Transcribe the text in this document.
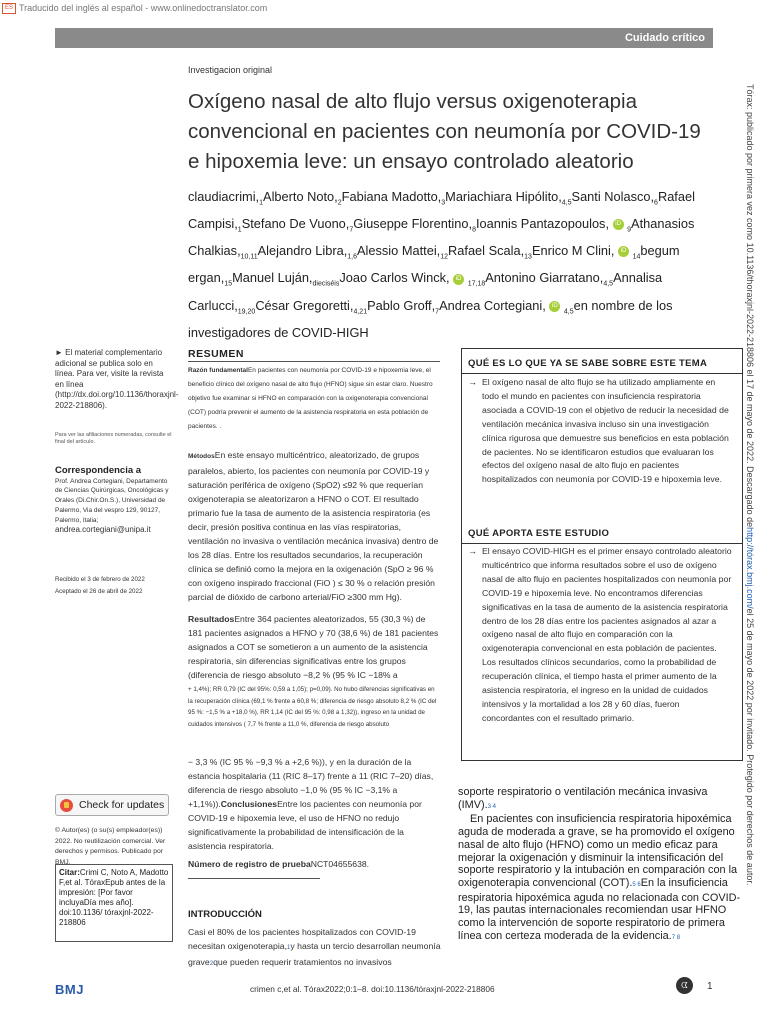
ES Traducido del inglés al español - www.onlinedoctranslator.com
Cuidado crítico
Investigacion original
Oxígeno nasal de alto flujo versus oxigenoterapia convencional en pacientes con neumonía por COVID-19 e hipoxemia leve: un ensayo controlado aleatorio
$claudiacrimi,_1Alberto$ $Noto,_2Fabiana$ $Madotto,_3Mariachiara$ $Hipólito,_{4,5}Santi$ $Nolasco,_6Rafael$ $Campisi,_1Stefano$ De $Vuono,_7Giuseppe$ $Florentino,_8Ioannis$ Pantazopoulos, iD $_9$Athanasios $Chalkias,_{10,11}Alejandro$ $Libra,_{1,6}Alessio$ $Mattei,_{12}Rafael$ $Scala,_{13}Enrico$ M Clini, iD $_{14}$begum $ergan,_{15}Manuel$ $Luján,_{dieciséis}Joao$ Carlos Winck, iD $_{17,18}$Antonino $Giarratano,_{4,5}Annalisa$ $Carlucci,_{19,20}César$ $Gregoretti,_{4,21}Pablo$ $Groff,_7Andrea$ Cortegiani, iD $_{4,5}$en nombre de los investigadores de COVID-HIGH
► El material complementario adicional se publica solo en línea. Para ver, visite la revista en línea (http://dx.doi.org/10.1136/thoraxjnl-2022-218806).
Para ver las afiliaciones numeradas, consulte el final del artículo.
Correspondencia a
Prof. Andrea Cortegiani, Departamento de Ciencias Quirúrgicas, Oncológicas y Orales (Di.Chir.On.S.), Universidad de Palermo, Via del vespro 129, 90127, Palermo, Italia;
andrea.cortegiani@unipa.it
Recibido el 3 de febrero de 2022
Aceptado el 26 de abril de 2022
Check for updates
© Autor(es) (o su(s) empleador(es)) 2022. No reutilización comercial. Ver derechos y permisos. Publicado por BMJ.
Citar:Crimi C, Noto A, Madotto F,et al. TóraxEpub antes de la impresión: [Por favor incluyaDía mes año]. doi:10.1136/ tóraxjnl-2022-218806
Tórax: publicado por primera vez como 10.1136/thoraxjnl-2022-218806 el 17 de mayo de 2022. Descargado dehttp://tórax.bmj.com/el 25 de mayo de 2022 por invitado. Protegido por derechos de autor.
RESUMEN
Razón fundamentalEn pacientes con neumonía por COVID-19 e hipoxemia leve, el beneficio clínico del oxígeno nasal de alto flujo (HFNO) sigue sin estar claro. Nuestro objetivo fue examinar si HFNO en comparación con la oxigenoterapia convencional (COT) podría prevenir el aumento de la asistencia respiratoria en esta población de pacientes. .
MétodosEn este ensayo multicéntrico, aleatorizado, de grupos paralelos, abierto, los pacientes con neumonía por COVID-19 y saturación periférica de oxígeno (SpO2) ≤92 % que requerían oxigenoterapia se aleatorizaron a HFNO o COT. El resultado primario fue la tasa de aumento de la asistencia respiratoria (es decir, presión positiva continua en las vías respiratorias, ventilación no invasiva o ventilación mecánica invasiva) dentro de los 28 días. Entre los resultados secundarios, la recuperación clínica se definió como la mejora en la oxigenación (SpO ≥ 96 % con oxígeno inspirado fraccional (FiO ) ≤ 30 % o relación presión parcial de dióxido de carbono arterial/FiO ≥300 mm Hg).
ResultadosEntre 364 pacientes aleatorizados, 55 (30,3 %) de 181 pacientes asignados a HFNO y 70 (38,6 %) de 181 pacientes asignados a COT se sometieron a un aumento de la asistencia respiratoria, sin diferencias significativas entre los grupos (diferencia de riesgo absoluto −8,2 % (95 % IC −18% a
+ 1,4%); RR 0,79 (IC del 95%: 0,59 a 1,05); p=0,09). No hubo diferencias significativas en la recuperación clínica (69,1 % frente a 60,8 %; diferencia de riesgo absoluto 8,2 % (IC del 95 %: −1,5 % a +18,0 %), RR 1,14 (IC del 95 %: 0,98 a 1,32)), ingreso en la unidad de cuidados intensivos ( 7,7 % frente a 11,0 %, diferencia de riesgo absoluto
− 3,3 % (IC 95 % −9,3 % a +2,6 %)), y en la duración de la estancia hospitalaria (11 (RIC 8–17) frente a 11 (RIC 7–20) días, diferencia de riesgo absoluto −1,0 % (95 % IC −3,1% a +1,1%)).ConclusionesEntre los pacientes con neumonía por COVID-19 e hipoxemia leve, el uso de HFNO no redujo significativamente la probabilidad de intensificación de la asistencia respiratoria.
Número de registro de pruebaNCT04655638.
QUÉ ES LO QUE YA SE SABE SOBRE ESTE TEMA
→ El oxígeno nasal de alto flujo se ha utilizado ampliamente en todo el mundo en pacientes con insuficiencia respiratoria asociada a COVID-19 con el objetivo de reducir la necesidad de ventilación mecánica invasiva incluso sin una investigación clínica rigurosa que demuestre sus beneficios en esta población de pacientes. No se identificaron estudios que evaluaran los efectos del oxígeno nasal de alto flujo en pacientes hospitalizados con neumonía por COVID-19 e hipoxemia leve.
QUÉ APORTA ESTE ESTUDIO
→ El ensayo COVID-HIGH es el primer ensayo controlado aleatorio multicéntrico que informa resultados sobre el uso de oxígeno nasal de alto flujo en pacientes hospitalizados con neumonía por COVID-19 e hipoxemia leve. No encontramos diferencias significativas en la tasa de aumento de la asistencia respiratoria dentro de los 28 días entre los pacientes asignados al azar a oxígeno nasal de alto flujo en comparación con la oxigenoterapia convencional en esta población de pacientes. Los resultados clínicos secundarios, como la probabilidad de recuperación clínica, el tiempo hasta el primer aumento de la asistencia respiratoria, el ingreso en la unidad de cuidados intensivos y la mortalidad a los 28 y 60 días, fueron concordantes con el resultado primario.

soporte respiratorio o ventilación mecánica invasiva (IMV).3 4

En pacientes con insuficiencia respiratoria hipoxémica aguda de moderada a grave, se ha promovido el oxígeno nasal de alto flujo (HFNO) como un medio eficaz para mejorar la oxigenación y disminuir la intensificación del soporte respiratorio y la intubación en comparación con la oxigenoterapia convencional (COT).5 6En la insuficiencia respiratoria hipoxémica aguda no relacionada con COVID-19, las pautas internacionales recomiendan usar HFNO como la intervención de soporte respiratorio de primera línea con certeza moderada de la evidencia.7 8

INTRODUCCIÓN
Casi el 80% de los pacientes hospitalizados con COVID-19 necesitan oxigenoterapia,1y hasta un tercio desarrollan neumonía grave2que pueden requerir tratamientos no invasivos
BMJ	crimen c,et al. Tórax2022;0:1–8. doi:10.1136/tóraxjnl-2022-218806	ᗧ	1
